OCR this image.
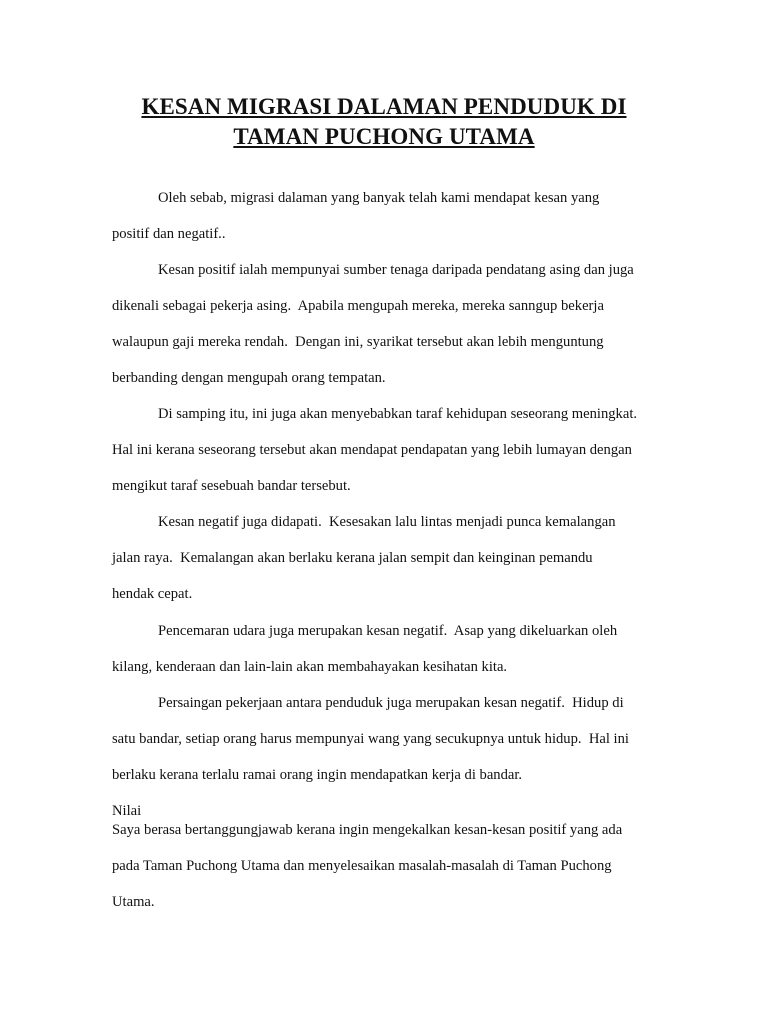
KESAN MIGRASI DALAMAN PENDUDUK DI
TAMAN PUCHONG UTAMA
Oleh sebab, migrasi dalaman yang banyak telah kami mendapat kesan yang
positif dan negatif..
Kesan positif ialah mempunyai sumber tenaga daripada pendatang asing dan juga
dikenali sebagai pekerja asing.  Apabila mengupah mereka, mereka sanngup bekerja
walaupun gaji mereka rendah.  Dengan ini, syarikat tersebut akan lebih menguntung
berbanding dengan mengupah orang tempatan.
Di samping itu, ini juga akan menyebabkan taraf kehidupan seseorang meningkat.
Hal ini kerana seseorang tersebut akan mendapat pendapatan yang lebih lumayan dengan
mengikut taraf sesebuah bandar tersebut.
Kesan negatif juga didapati.  Kesesakan lalu lintas menjadi punca kemalangan
jalan raya.  Kemalangan akan berlaku kerana jalan sempit dan keinginan pemandu
hendak cepat.
Pencemaran udara juga merupakan kesan negatif.  Asap yang dikeluarkan oleh
kilang, kenderaan dan lain-lain akan membahayakan kesihatan kita.
Persaingan pekerjaan antara penduduk juga merupakan kesan negatif.  Hidup di
satu bandar, setiap orang harus mempunyai wang yang secukupnya untuk hidup.  Hal ini
berlaku kerana terlalu ramai orang ingin mendapatkan kerja di bandar.
Nilai
Saya berasa bertanggungjawab kerana ingin mengekalkan kesan-kesan positif yang ada
pada Taman Puchong Utama dan menyelesaikan masalah-masalah di Taman Puchong
Utama.
